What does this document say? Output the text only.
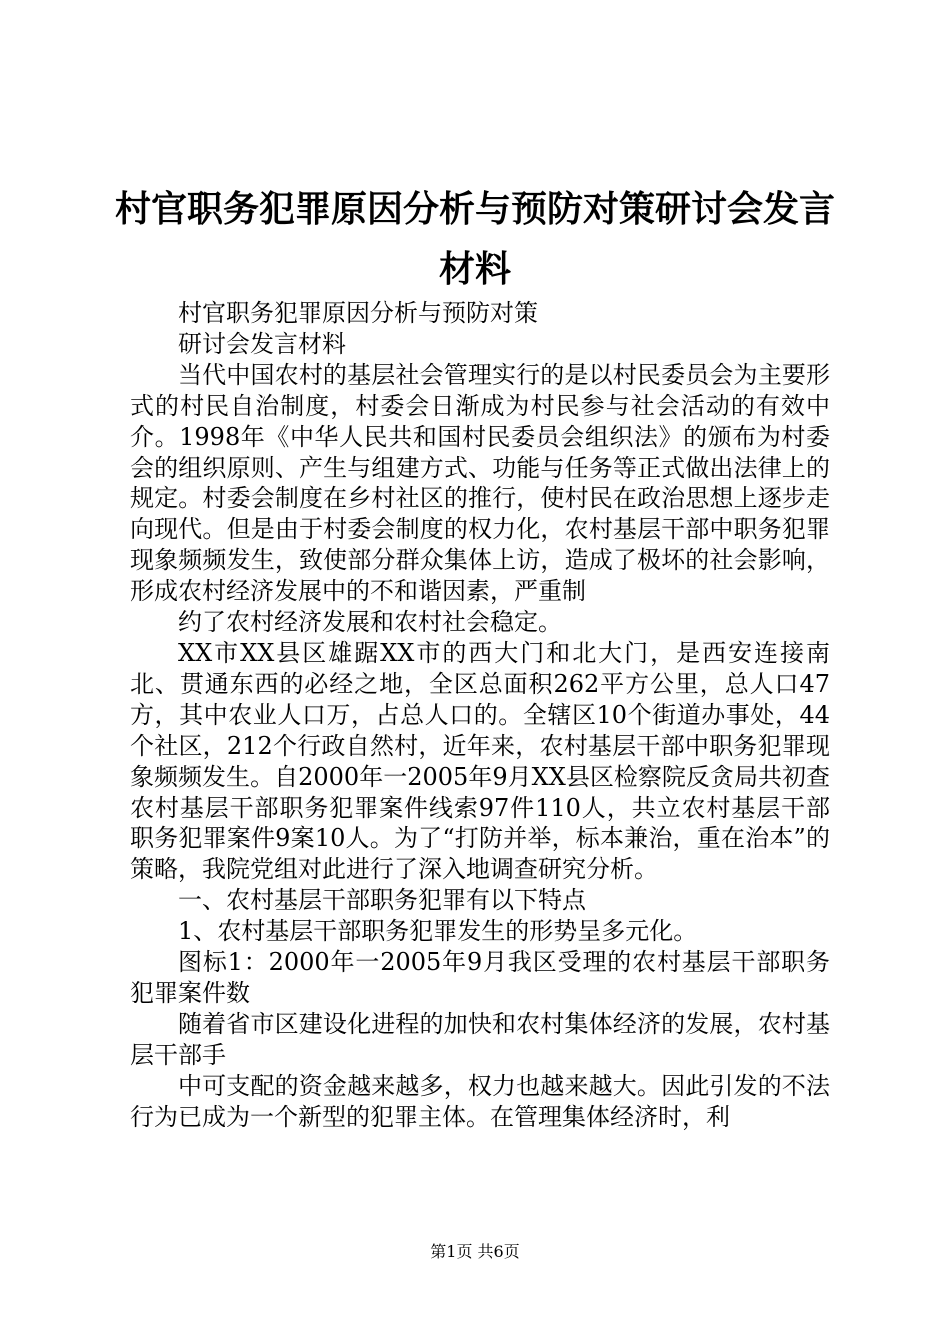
村官职务犯罪原因分析与预防对策研讨会发言
材料

村官职务犯罪原因分析与预防对策

研讨会发言材料

当代中国农村的基层社会管理实行的是以村民委员会为主要形式的村民自治制度，村委会日渐成为村民参与社会活动的有效中介。1998年《中华人民共和国村民委员会组织法》的颁布为村委会的组织原则、产生与组建方式、功能与任务等正式做出法律上的规定。村委会制度在乡村社区的推行，使村民在政治思想上逐步走向现代。但是由于村委会制度的权力化，农村基层干部中职务犯罪现象频频发生，致使部分群众集体上访，造成了极坏的社会影响，形成农村经济发展中的不和谐因素，严重制

约了农村经济发展和农村社会稳定。

XX市XX县区雄踞XX市的西大门和北大门，是西安连接南北、贯通东西的必经之地，全区总面积262平方公里，总人口47方，其中农业人口万，占总人口的。全辖区10个街道办事处，44个社区，212个行政自然村，近年来，农村基层干部中职务犯罪现象频频发生。自2000年一2005年9月XX县区检察院反贪局共初查农村基层干部职务犯罪案件线索97件110人，共立农村基层干部职务犯罪案件9案10人。为了“打防并举，标本兼治，重在治本”的策略，我院党组对此进行了深入地调查研究分析。

一、农村基层干部职务犯罪有以下特点

1、农村基层干部职务犯罪发生的形势呈多元化。

图标1：2000年一2005年9月我区受理的农村基层干部职务犯罪案件数

随着省市区建设化进程的加快和农村集体经济的发展，农村基层干部手

中可支配的资金越来越多，权力也越来越大。因此引发的不法行为已成为一个新型的犯罪主体。在管理集体经济时，利

第1页 共6页
